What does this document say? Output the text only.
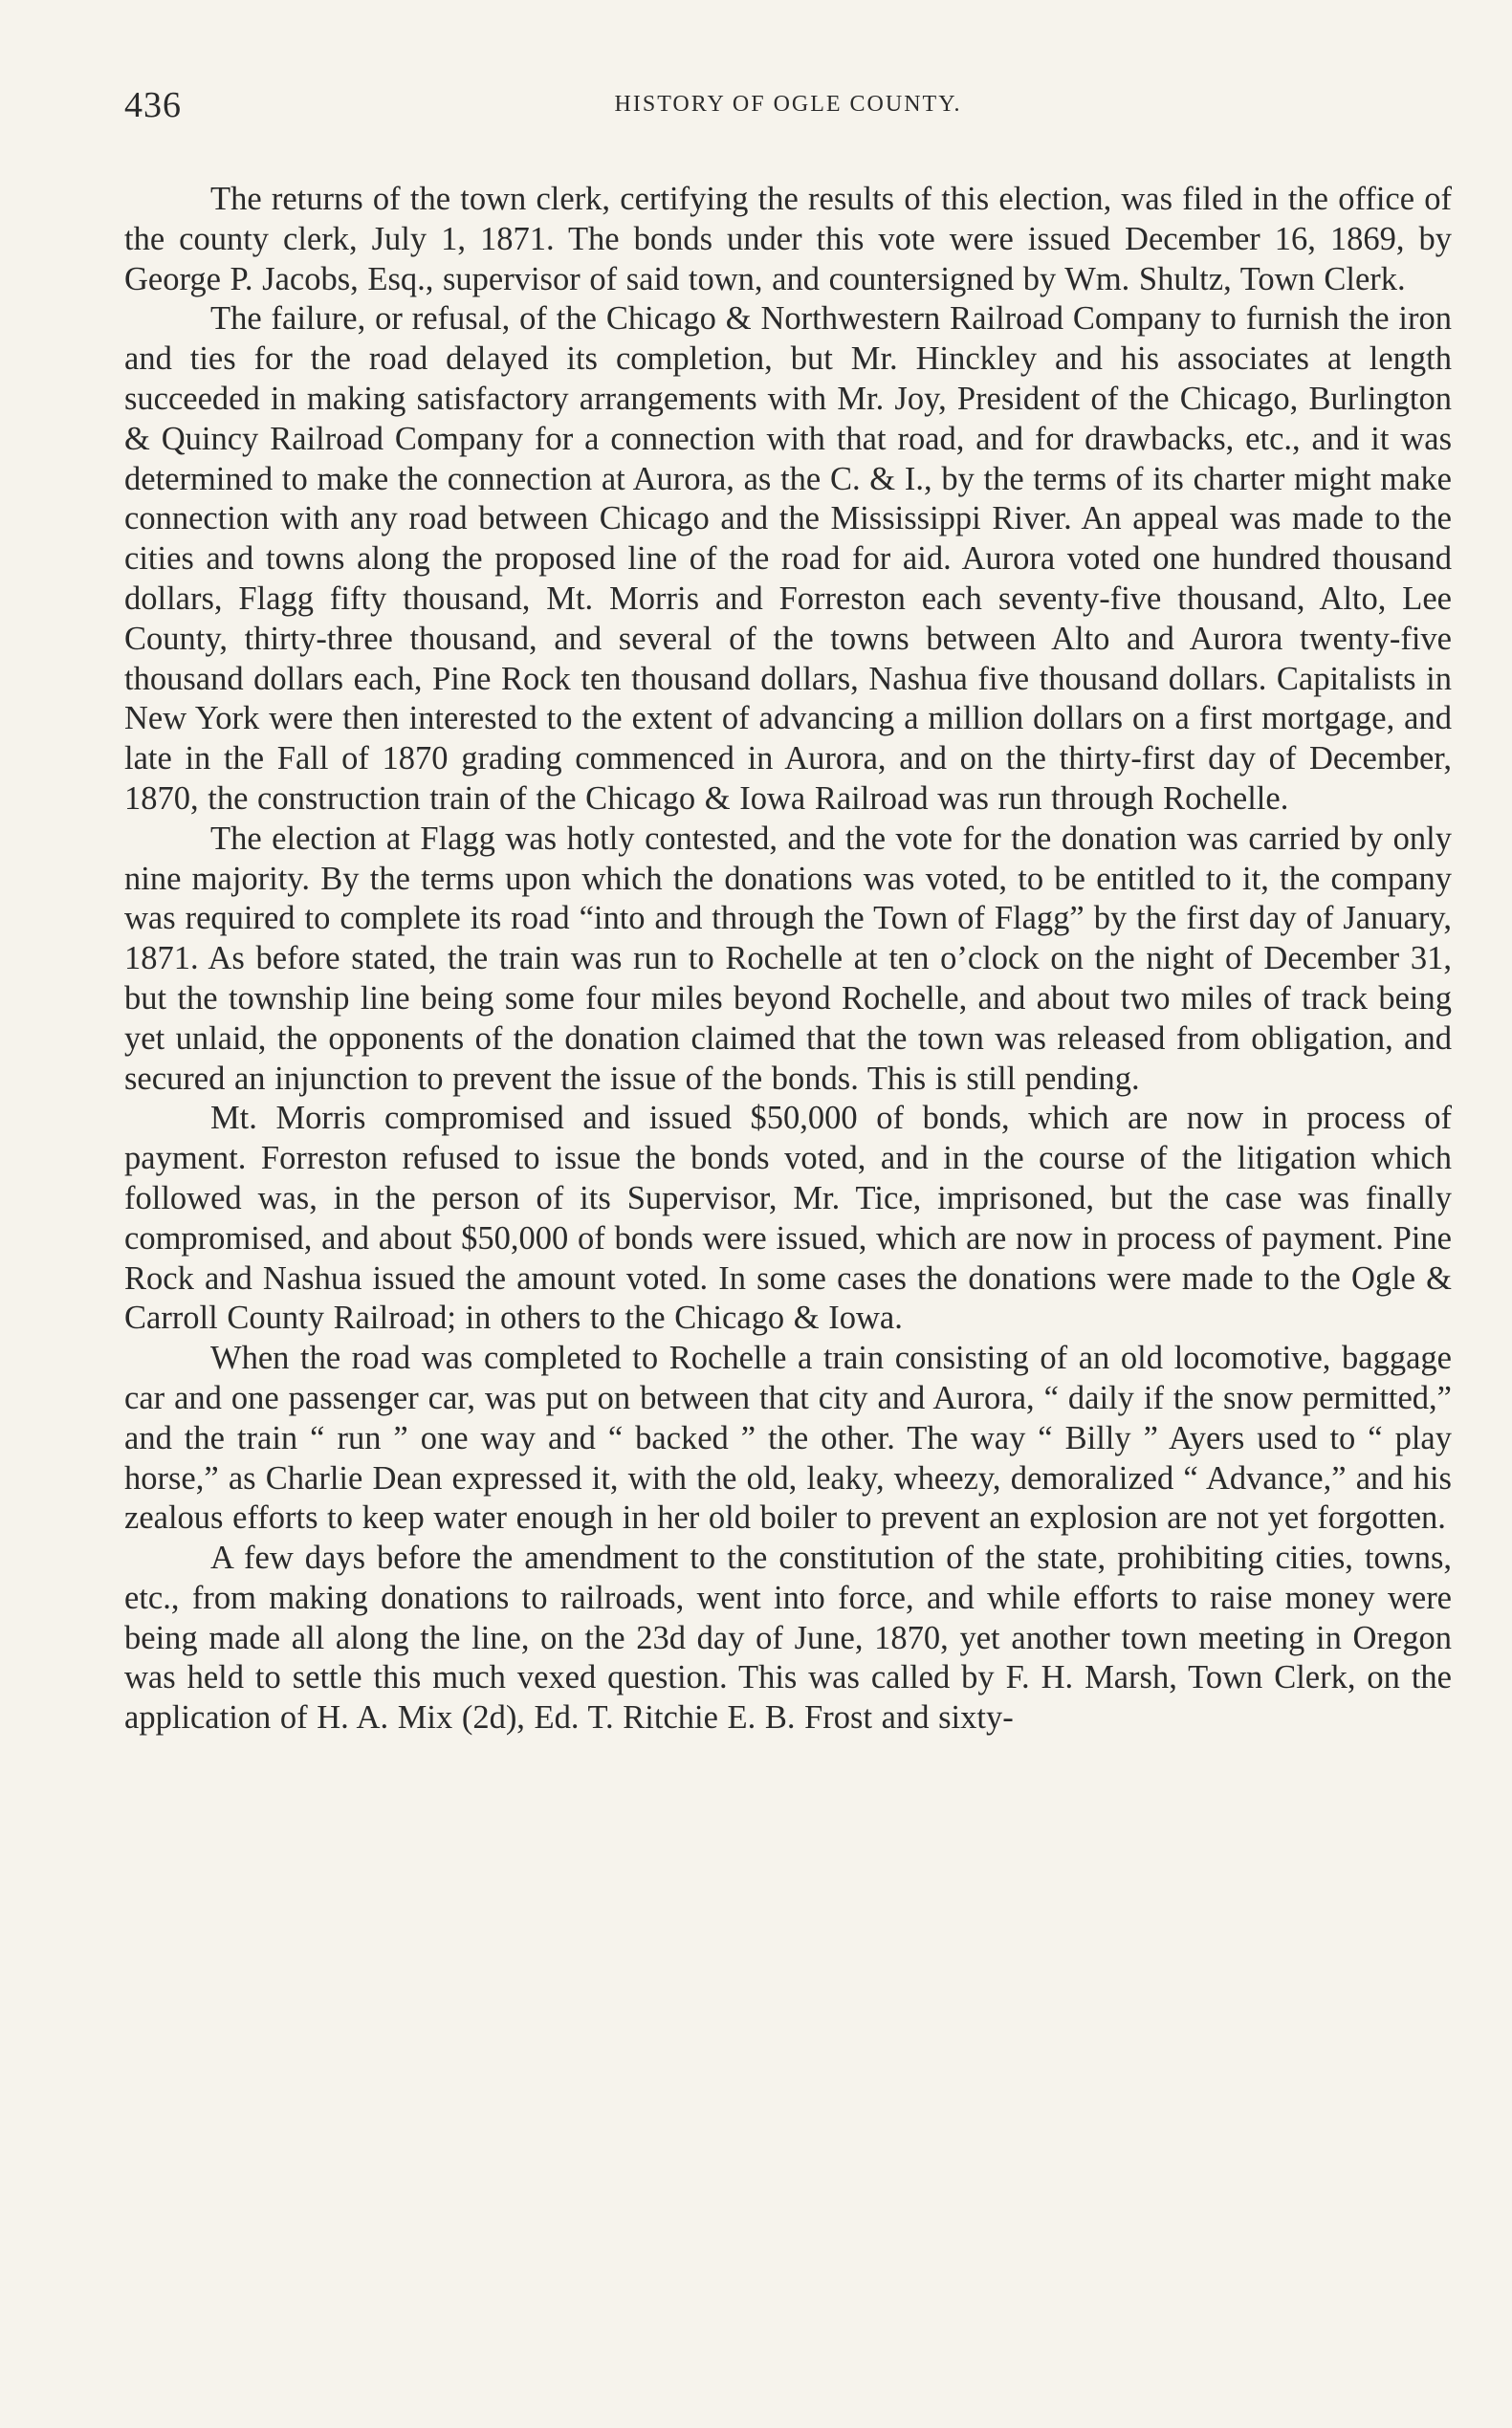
436	HISTORY OF OGLE COUNTY.

The returns of the town clerk, certifying the results of this election, was filed in the office of the county clerk, July 1, 1871. The bonds under this vote were issued December 16, 1869, by George P. Jacobs, Esq., supervisor of said town, and countersigned by Wm. Shultz, Town Clerk.

The failure, or refusal, of the Chicago & Northwestern Railroad Company to furnish the iron and ties for the road delayed its completion, but Mr. Hinckley and his associates at length succeeded in making satisfactory arrangements with Mr. Joy, President of the Chicago, Burlington & Quincy Railroad Company for a connection with that road, and for drawbacks, etc., and it was determined to make the connection at Aurora, as the C. & I., by the terms of its charter might make connection with any road between Chicago and the Mississippi River. An appeal was made to the cities and towns along the proposed line of the road for aid. Aurora voted one hundred thousand dollars, Flagg fifty thousand, Mt. Morris and Forreston each seventy-five thousand, Alto, Lee County, thirty-three thousand, and several of the towns between Alto and Aurora twenty-five thousand dollars each, Pine Rock ten thousand dollars, Nashua five thousand dollars. Capitalists in New York were then interested to the extent of advancing a million dollars on a first mortgage, and late in the Fall of 1870 grading commenced in Aurora, and on the thirty-first day of December, 1870, the construction train of the Chicago & Iowa Railroad was run through Rochelle.

The election at Flagg was hotly contested, and the vote for the donation was carried by only nine majority. By the terms upon which the donations was voted, to be entitled to it, the company was required to complete its road “into and through the Town of Flagg” by the first day of January, 1871. As before stated, the train was run to Rochelle at ten o’clock on the night of December 31, but the township line being some four miles beyond Rochelle, and about two miles of track being yet unlaid, the opponents of the donation claimed that the town was released from obligation, and secured an injunction to prevent the issue of the bonds. This is still pending.

Mt. Morris compromised and issued $50,000 of bonds, which are now in process of payment. Forreston refused to issue the bonds voted, and in the course of the litigation which followed was, in the person of its Supervisor, Mr. Tice, imprisoned, but the case was finally compromised, and about $50,000 of bonds were issued, which are now in process of payment. Pine Rock and Nashua issued the amount voted. In some cases the donations were made to the Ogle & Carroll County Railroad; in others to the Chicago & Iowa.

When the road was completed to Rochelle a train consisting of an old locomotive, baggage car and one passenger car, was put on between that city and Aurora, “ daily if the snow permitted,” and the train “ run ” one way and “ backed ” the other. The way “ Billy ” Ayers used to “ play horse,” as Charlie Dean expressed it, with the old, leaky, wheezy, demoralized “ Advance,” and his zealous efforts to keep water enough in her old boiler to prevent an explosion are not yet forgotten.

A few days before the amendment to the constitution of the state, prohibiting cities, towns, etc., from making donations to railroads, went into force, and while efforts to raise money were being made all along the line, on the 23d day of June, 1870, yet another town meeting in Oregon was held to settle this much vexed question. This was called by F. H. Marsh, Town Clerk, on the application of H. A. Mix (2d), Ed. T. Ritchie E. B. Frost and sixty-
